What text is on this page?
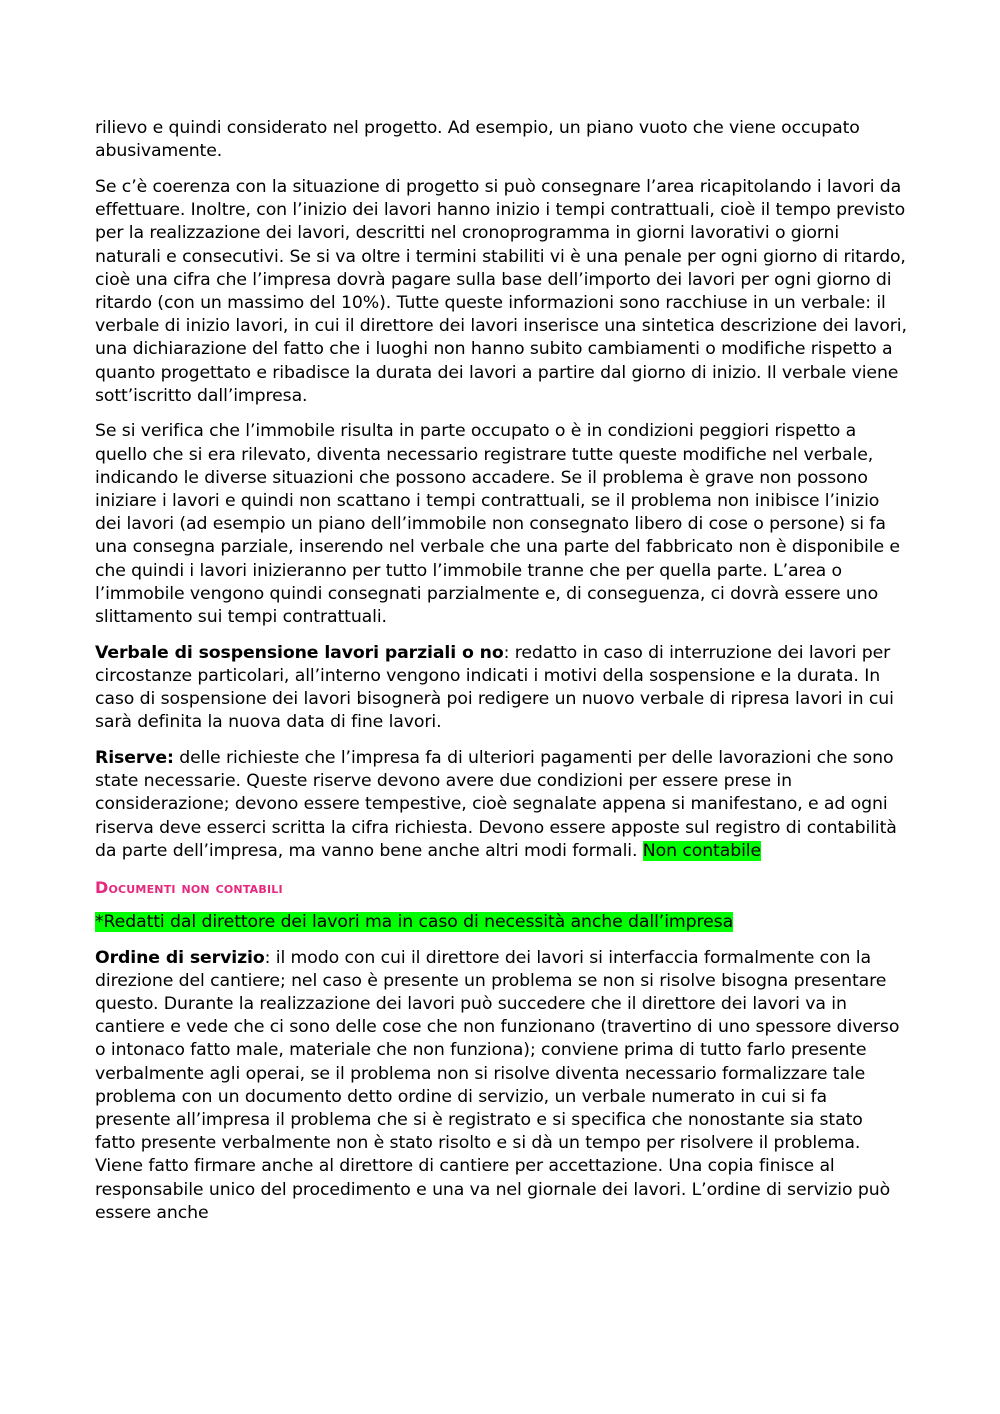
rilievo e quindi considerato nel progetto. Ad esempio, un piano vuoto che viene occupato abusivamente.

Se c’è coerenza con la situazione di progetto si può consegnare l’area ricapitolando i lavori da effettuare. Inoltre, con l’inizio dei lavori hanno inizio i tempi contrattuali, cioè il tempo previsto per la realizzazione dei lavori, descritti nel cronoprogramma in giorni lavorativi o giorni naturali e consecutivi. Se si va oltre i termini stabiliti vi è una penale per ogni giorno di ritardo, cioè una cifra che l’impresa dovrà pagare sulla base dell’importo dei lavori per ogni giorno di ritardo (con un massimo del 10%). Tutte queste informazioni sono racchiuse in un verbale: il verbale di inizio lavori, in cui il direttore dei lavori inserisce una sintetica descrizione dei lavori, una dichiarazione del fatto che i luoghi non hanno subito cambiamenti o modifiche rispetto a quanto progettato e ribadisce la durata dei lavori a partire dal giorno di inizio. Il verbale viene sott’iscritto dall’impresa.

Se si verifica che l’immobile risulta in parte occupato o è in condizioni peggiori rispetto a quello che si era rilevato, diventa necessario registrare tutte queste modifiche nel verbale, indicando le diverse situazioni che possono accadere. Se il problema è grave non possono iniziare i lavori e quindi non scattano i tempi contrattuali, se il problema non inibisce l’inizio dei lavori (ad esempio un piano dell’immobile non consegnato libero di cose o persone) si fa una consegna parziale, inserendo nel verbale che una parte del fabbricato non è disponibile e che quindi i lavori inizieranno per tutto l’immobile tranne che per quella parte. L’area o l’immobile vengono quindi consegnati parzialmente e, di conseguenza, ci dovrà essere uno slittamento sui tempi contrattuali.

Verbale di sospensione lavori parziali o no: redatto in caso di interruzione dei lavori per circostanze particolari, all’interno vengono indicati i motivi della sospensione e la durata. In caso di sospensione dei lavori bisognerà poi redigere un nuovo verbale di ripresa lavori in cui sarà definita la nuova data di fine lavori.

Riserve: delle richieste che l’impresa fa di ulteriori pagamenti per delle lavorazioni che sono state necessarie. Queste riserve devono avere due condizioni per essere prese in considerazione; devono essere tempestive, cioè segnalate appena si manifestano, e ad ogni riserva deve esserci scritta la cifra richiesta. Devono essere apposte sul registro di contabilità da parte dell’impresa, ma vanno bene anche altri modi formali. Non contabile

Documenti non contabili

*Redatti dal direttore dei lavori ma in caso di necessità anche dall’impresa

Ordine di servizio: il modo con cui il direttore dei lavori si interfaccia formalmente con la direzione del cantiere; nel caso è presente un problema se non si risolve bisogna presentare questo. Durante la realizzazione dei lavori può succedere che il direttore dei lavori va in cantiere e vede che ci sono delle cose che non funzionano (travertino di uno spessore diverso o intonaco fatto male, materiale che non funziona); conviene prima di tutto farlo presente verbalmente agli operai, se il problema non si risolve diventa necessario formalizzare tale problema con un documento detto ordine di servizio, un verbale numerato in cui si fa presente all’impresa il problema che si è registrato e si specifica che nonostante sia stato fatto presente verbalmente non è stato risolto e si dà un tempo per risolvere il problema. Viene fatto firmare anche al direttore di cantiere per accettazione. Una copia finisce al responsabile unico del procedimento e una va nel giornale dei lavori. L’ordine di servizio può essere anche
